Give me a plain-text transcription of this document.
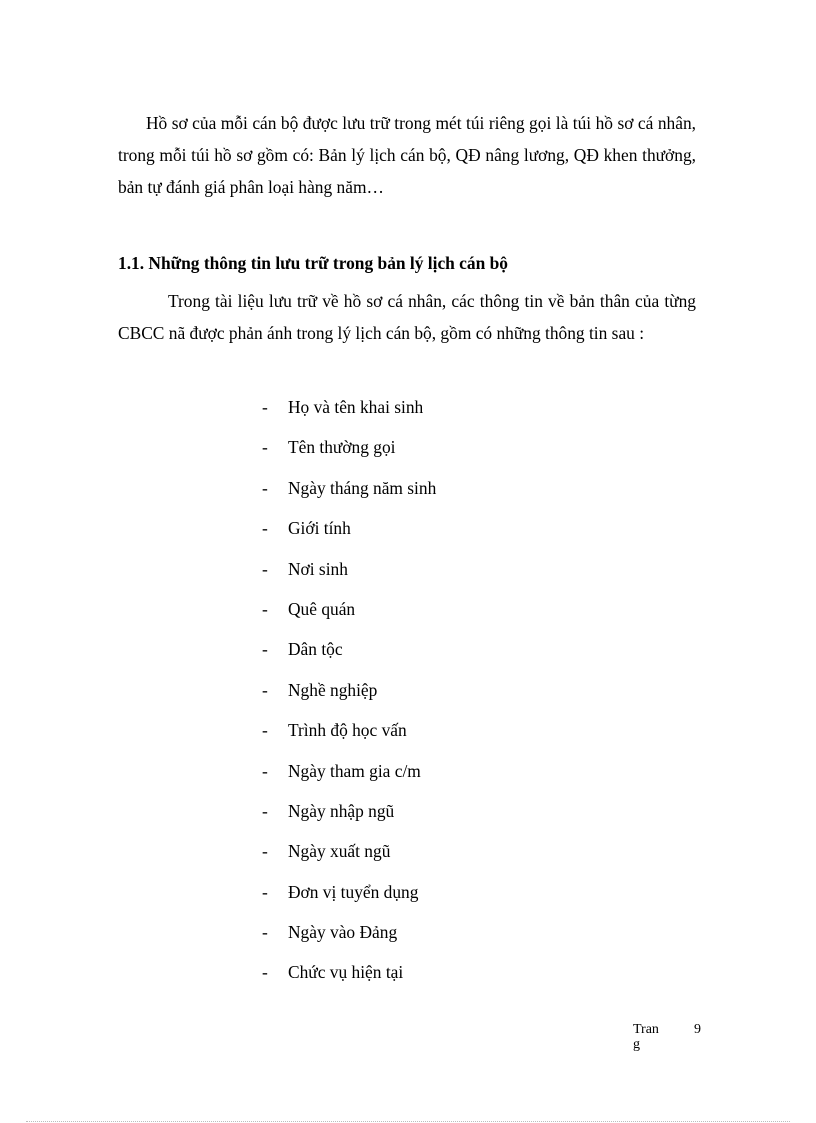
Hồ sơ của mỗi cán bộ được lưu trữ trong mét túi riêng gọi là túi hồ sơ cá nhân, trong mỗi túi hồ sơ gồm có: Bản lý lịch cán bộ, QĐ nâng lương, QĐ khen thưởng, bản tự đánh giá phân loại hàng năm…

1.1. Những thông tin lưu trữ trong bản lý lịch cán bộ

Trong tài liệu lưu trữ về hồ sơ cá nhân, các thông tin về bản thân của từng CBCC nã được phản ánh trong lý lịch cán bộ, gồm có những thông tin sau :

-	Họ và tên khai sinh
-	Tên thường gọi
-	Ngày tháng năm sinh
-	Giới tính
-	Nơi sinh
-	Quê quán
-	Dân tộc
-	Nghề nghiệp
-	Trình độ học vấn
-	Ngày tham gia c/m
-	Ngày nhập ngũ
-	Ngày xuất ngũ
-	Đơn vị tuyển dụng
-	Ngày vào Đảng
-	Chức vụ hiện tại
Trang
9
